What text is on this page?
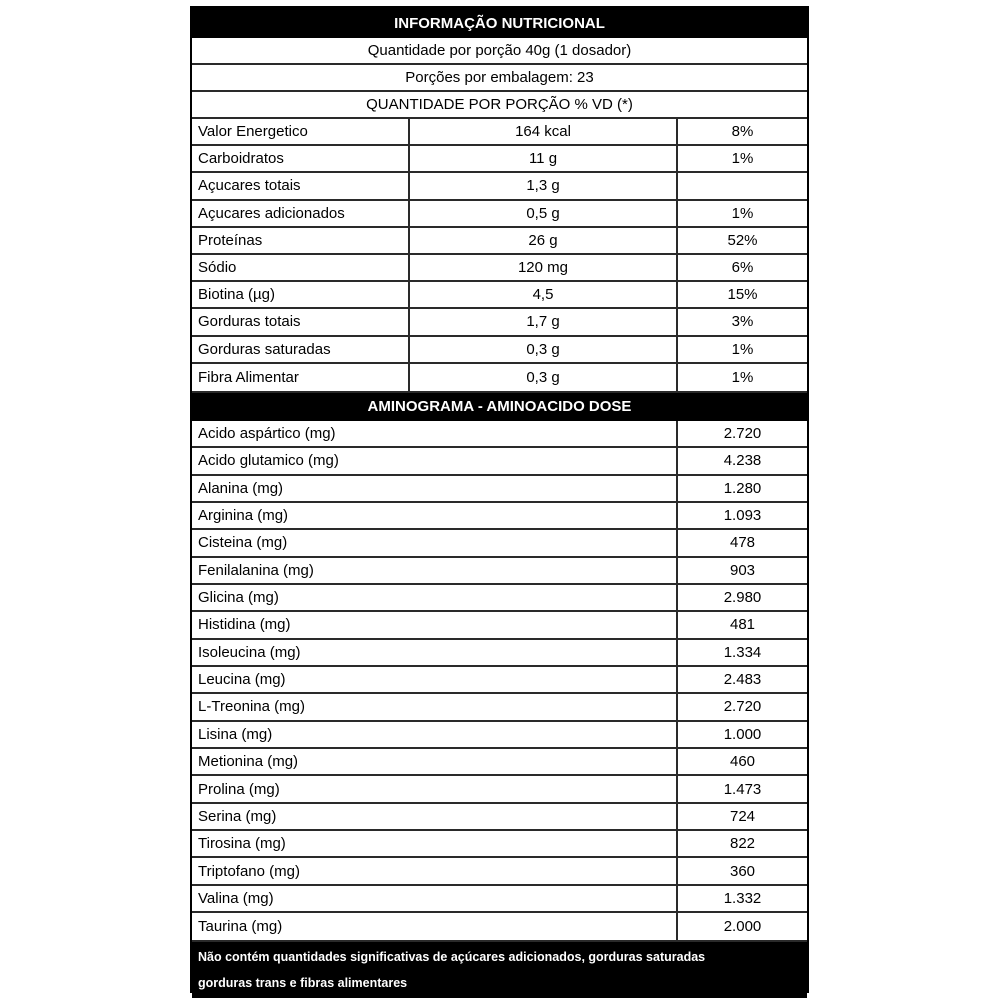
INFORMAÇÃO NUTRICIONAL
Quantidade por porção 40g (1 dosador)
Porções por embalagem: 23
QUANTIDADE POR PORÇÃO % VD (*)
Valor Energetico	164 kcal	8%
Carboidratos	11 g	1%
Açucares totais	1,3 g
Açucares adicionados	0,5 g	1%
Proteínas	26 g	52%
Sódio	120 mg	6%
Biotina (µg)	4,5	15%
Gorduras totais	1,7 g	3%
Gorduras saturadas	0,3 g	1%
Fibra Alimentar	0,3 g	1%
AMINOGRAMA - AMINOACIDO DOSE
Acido aspártico (mg)	2.720
Acido glutamico (mg)	4.238
Alanina (mg)	1.280
Arginina (mg)	1.093
Cisteina (mg)	478
Fenilalanina (mg)	903
Glicina (mg)	2.980
Histidina (mg)	481
Isoleucina (mg)	1.334
Leucina (mg)	2.483
L-Treonina (mg)	2.720
Lisina (mg)	1.000
Metionina (mg)	460
Prolina (mg)	1.473
Serina (mg)	724
Tirosina (mg)	822
Triptofano (mg)	360
Valina (mg)	1.332
Taurina (mg)	2.000
Não contém quantidades significativas de açúcares adicionados, gorduras saturadas
gorduras trans e fibras alimentares
